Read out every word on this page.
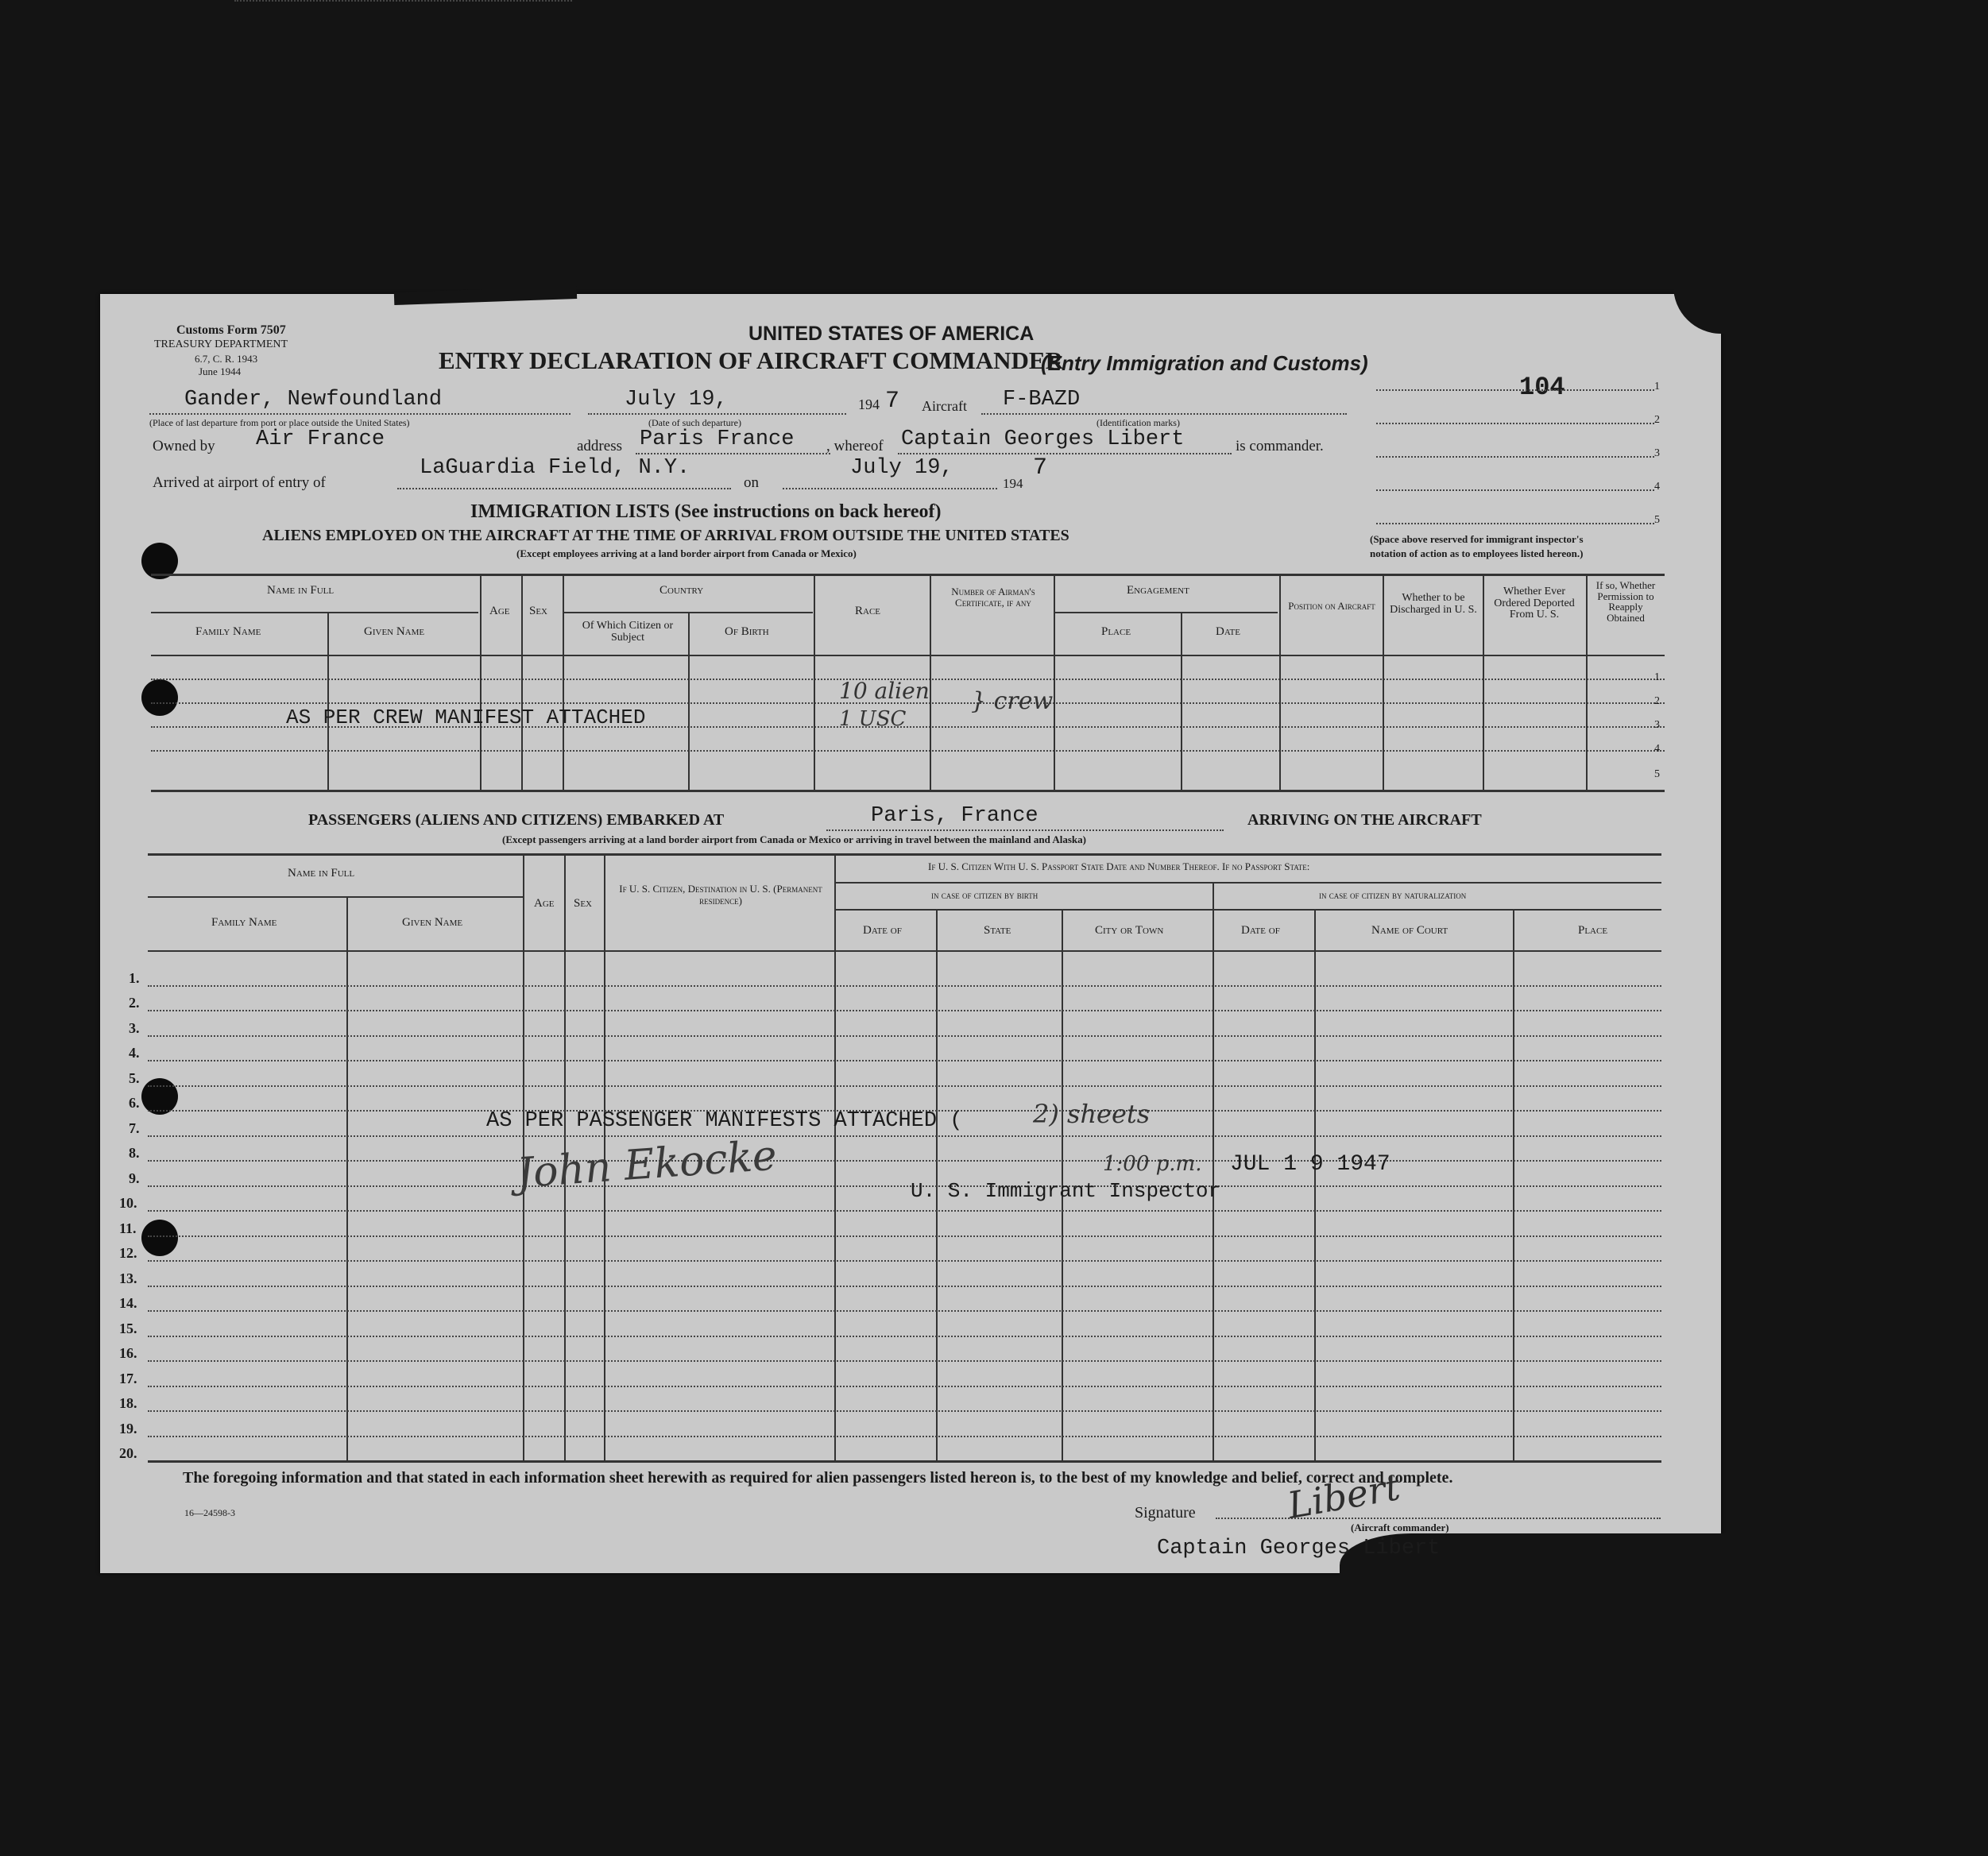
Customs Form 7507
TREASURY DEPARTMENT
6.7, C. R. 1943
June 1944
UNITED STATES OF AMERICA
ENTRY DECLARATION OF AIRCRAFT COMMANDER
(Entry Immigration and Customs)
Gander, Newfoundland
(Place of last departure from port or place outside the United States)
July 19,
(Date of such departure)
194 7 Aircraft F-BAZD
(Identification marks)
Owned by Air France	address Paris France , whereof Captain Georges Libert	is commander.
Arrived at airport of entry of
LaGuardia Field, N.Y.
on
July 19,
194
7
104	1
2
3
4
5
(Space above reserved for immigrant inspector's
notation of action as to employees listed hereon.)
IMMIGRATION LISTS (See instructions on back hereof)
ALIENS EMPLOYED ON THE AIRCRAFT AT THE TIME OF ARRIVAL FROM OUTSIDE THE UNITED STATES
(Except employees arriving at a land border airport from Canada or Mexico)
Name in Full
Family Name	Given Name
Age Sex
Country
Of Which Citizen or Subject	Of Birth
Race
Number of Airman's Certificate, if any
Engagement
Place	Date
Position on Aircraft
Whether to be Discharged in U. S.
Whether Ever Ordered Deported From U. S.
If so, Whether Permission to Reapply Obtained
1
2
3
4
5
AS PER CREW MANIFEST ATTACHED
10 alien
1 USC
} crew
PASSENGERS (ALIENS AND CITIZENS) EMBARKED AT	Paris, France	ARRIVING ON THE AIRCRAFT
(Except passengers arriving at a land border airport from Canada or Mexico or arriving in travel between the mainland and Alaska)
Name in Full
Family Name	Given Name
Age Sex
If U. S. Citizen, Destination in U. S. (Permanent residence)
If U. S. Citizen With U. S. Passport State Date and Number Thereof. If no Passport State:
in case of citizen by birth	in case of citizen by naturalization
Date of	State	City or Town	Date of	Name of Court	Place
1.
2.
3.
4.
5.
6.
7.
8.
9.
10.
11.
12.
13.
14.
15.
16.
17.
18.
19.
20.
AS PER PASSENGER MANIFESTS ATTACHED (	2) sheets
John Ekocke	1:00 p.m. JUL 1 9 1947
U. S. Immigrant Inspector
The foregoing information and that stated in each information sheet herewith as required for alien passengers listed hereon is, to the best of my knowledge and belief, correct and complete.
16—24598-3	Signature Libert
(Aircraft commander)
Captain Georges Libert
